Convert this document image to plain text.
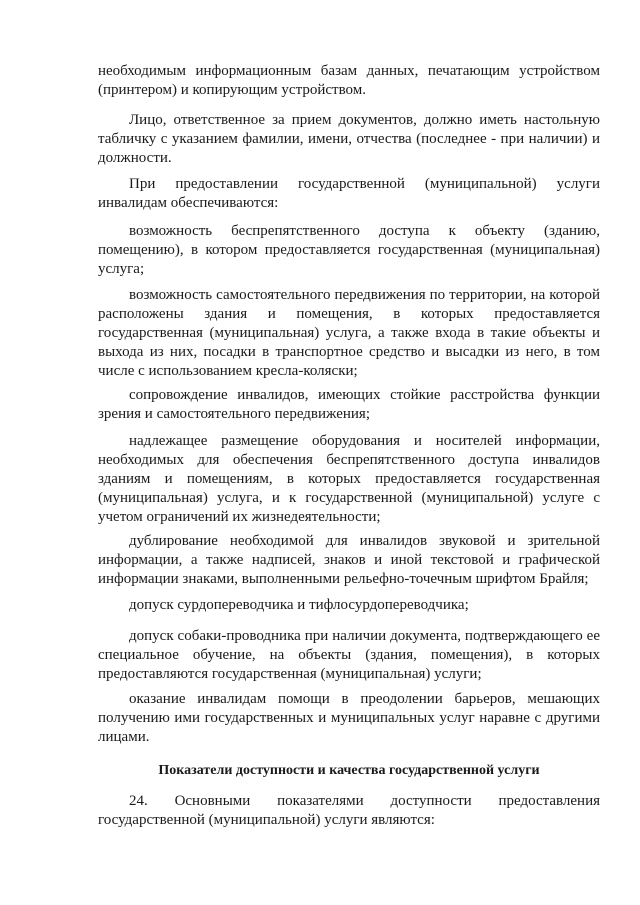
необходимым информационным базам данных, печатающим устройством (принтером) и копирующим устройством.

Лицо, ответственное за прием документов, должно иметь настольную табличку с указанием фамилии, имени, отчества (последнее - при наличии) и должности.

При предоставлении государственной (муниципальной) услуги инвалидам обеспечиваются:

возможность беспрепятственного доступа к объекту (зданию, помещению), в котором предоставляется государственная (муниципальная) услуга;

возможность самостоятельного передвижения по территории, на которой расположены здания и помещения, в которых предоставляется государственная (муниципальная) услуга, а также входа в такие объекты и выхода из них, посадки в транспортное средство и высадки из него, в том числе с использованием кресла-коляски;

сопровождение инвалидов, имеющих стойкие расстройства функции зрения и самостоятельного передвижения;

надлежащее размещение оборудования и носителей информации, необходимых для обеспечения беспрепятственного доступа инвалидов зданиям и помещениям, в которых предоставляется государственная (муниципальная) услуга, и к государственной (муниципальной) услуге с учетом ограничений их жизнедеятельности;

дублирование необходимой для инвалидов звуковой и зрительной информации, а также надписей, знаков и иной текстовой и графической информации знаками, выполненными рельефно-точечным шрифтом Брайля;

допуск сурдопереводчика и тифлосурдопереводчика;

допуск собаки-проводника при наличии документа, подтверждающего ее специальное обучение, на объекты (здания, помещения), в которых предоставляются государственная (муниципальная) услуги;

оказание инвалидам помощи в преодолении барьеров, мешающих получению ими государственных и муниципальных услуг наравне с другими лицами.

Показатели доступности и качества государственной услуги

24. Основными показателями доступности предоставления государственной (муниципальной) услуги являются:
